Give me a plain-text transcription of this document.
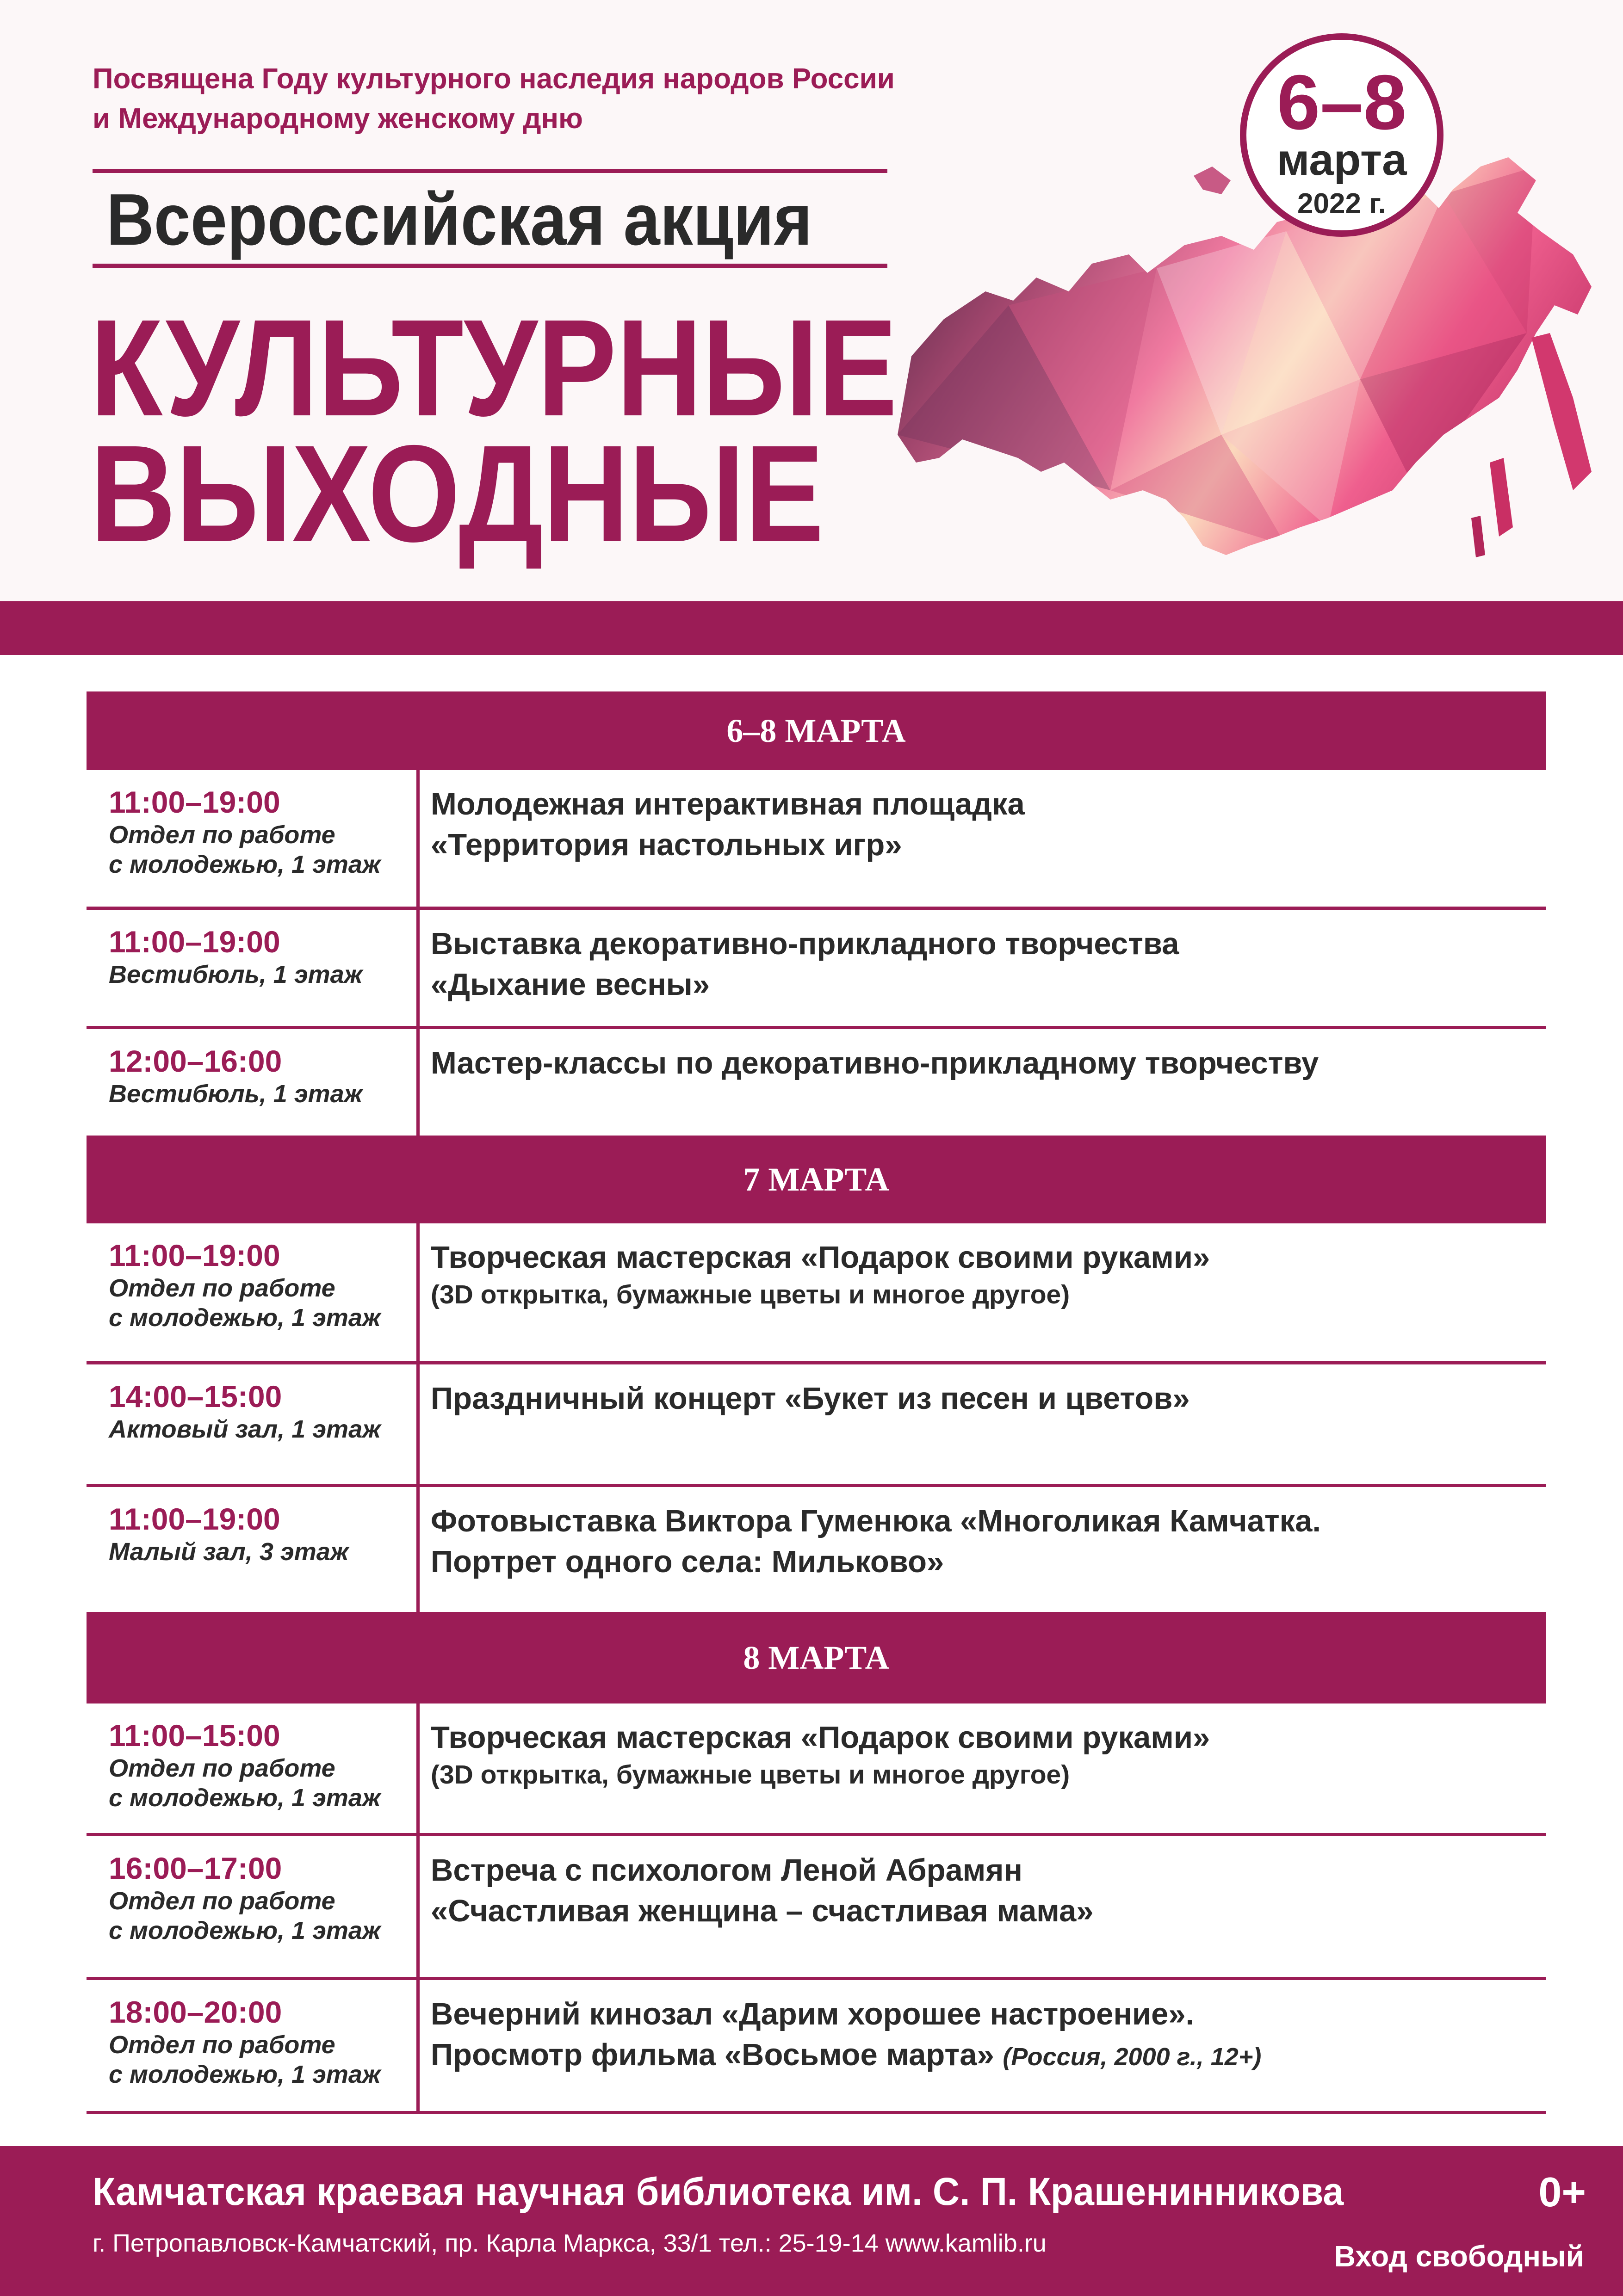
Посвящена Году культурного наследия народов России
и Международному женскому дню
Всероссийская акция
КУЛЬТУРНЫЕ
ВЫХОДНЫЕ
6–8
марта
2022 г.
6–8 МАРТА
11:00–19:00
Отдел по работе
с молодежью, 1 этаж
Молодежная интерактивная площадка
«Территория настольных игр»
11:00–19:00
Вестибюль, 1 этаж
Выставка декоративно-прикладного творчества
«Дыхание весны»
12:00–16:00
Вестибюль, 1 этаж
Мастер-классы по декоративно-прикладному творчеству
7 МАРТА
11:00–19:00
Отдел по работе
с молодежью, 1 этаж
Творческая мастерская «Подарок своими руками»
(3D открытка, бумажные цветы и многое другое)
14:00–15:00
Актовый зал, 1 этаж
Праздничный концерт «Букет из песен и цветов»
11:00–19:00
Малый зал, 3 этаж
Фотовыставка Виктора Гуменюка «Многоликая Камчатка.
Портрет одного села: Мильково»
8 МАРТА
11:00–15:00
Отдел по работе
с молодежью, 1 этаж
Творческая мастерская «Подарок своими руками»
(3D открытка, бумажные цветы и многое другое)
16:00–17:00
Отдел по работе
с молодежью, 1 этаж
Встреча с психологом Леной Абрамян
«Счастливая женщина – счастливая мама»
18:00–20:00
Отдел по работе
с молодежью, 1 этаж
Вечерний кинозал «Дарим хорошее настроение».
Просмотр фильма «Восьмое марта» (Россия, 2000 г., 12+)
Камчатская краевая научная библиотека им. С. П. Крашенинникова
г. Петропавловск-Камчатский, пр. Карла Маркса, 33/1 тел.: 25-19-14 www.kamlib.ru
0+
Вход свободный
